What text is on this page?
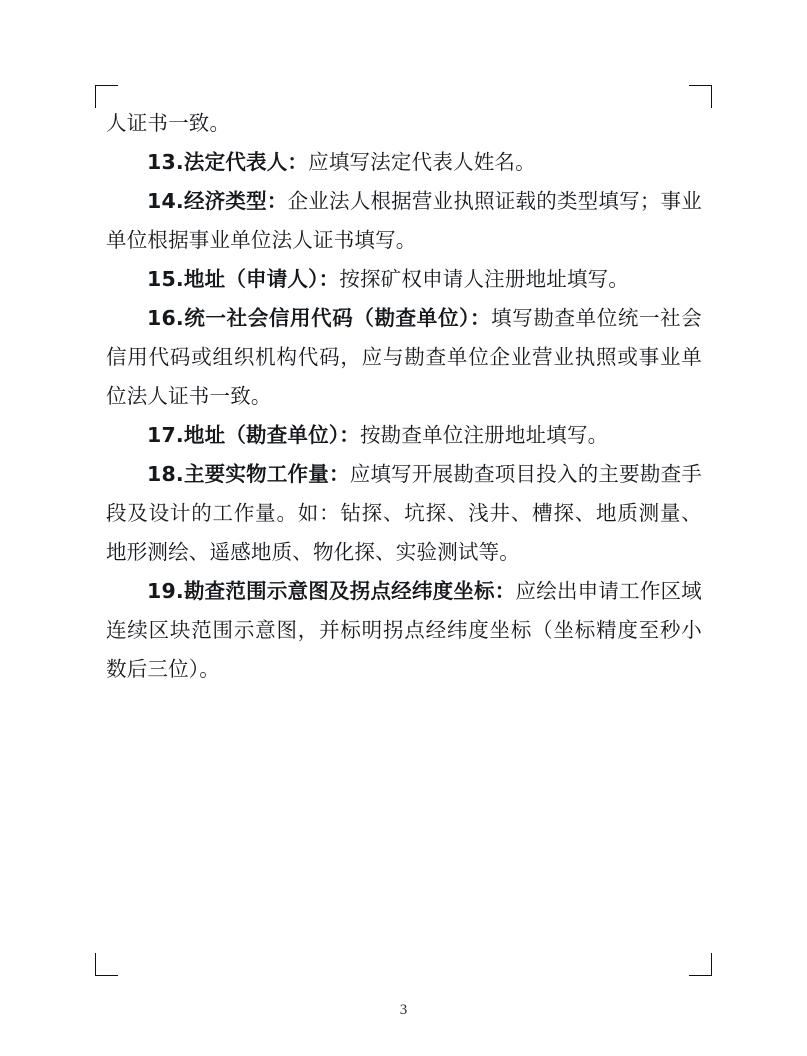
人证书一致。

13.法定代表人：应填写法定代表人姓名。

14.经济类型：企业法人根据营业执照证载的类型填写；事业单位根据事业单位法人证书填写。

15.地址（申请人）：按探矿权申请人注册地址填写。

16.统一社会信用代码（勘查单位）：填写勘查单位统一社会信用代码或组织机构代码，应与勘查单位企业营业执照或事业单位法人证书一致。

17.地址（勘查单位）：按勘查单位注册地址填写。

18.主要实物工作量：应填写开展勘查项目投入的主要勘查手段及设计的工作量。如：钻探、坑探、浅井、槽探、地质测量、地形测绘、遥感地质、物化探、实验测试等。

19.勘查范围示意图及拐点经纬度坐标：应绘出申请工作区域连续区块范围示意图，并标明拐点经纬度坐标（坐标精度至秒小数后三位）。

3
